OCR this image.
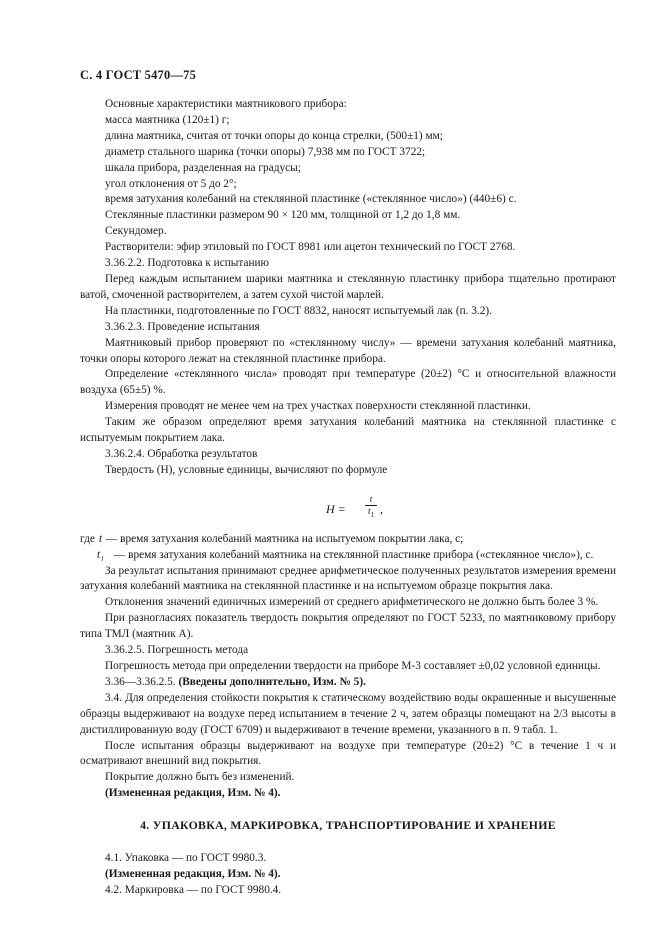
С. 4 ГОСТ 5470—75

Основные характеристики маятникового прибора:

масса маятника (120±1) г;

длина маятника, считая от точки опоры до конца стрелки, (500±1) мм;

диаметр стального шарика (точки опоры) 7,938 мм по ГОСТ 3722;

шкала прибора, разделенная на градусы;

угол отклонения от 5 до 2°;

время затухания колебаний на стеклянной пластинке («стеклянное число») (440±6) с.

Стеклянные пластинки размером 90 × 120 мм, толщиной от 1,2 до 1,8 мм.

Секундомер.

Растворители: эфир этиловый по ГОСТ 8981 или ацетон технический по ГОСТ 2768.

3.36.2.2. Подготовка к испытанию

Перед каждым испытанием шарики маятника и стеклянную пластинку прибора тщательно протирают ватой, смоченной растворителем, а затем сухой чистой марлей.

На пластинки, подготовленные по ГОСТ 8832, наносят испытуемый лак (п. 3.2).

3.36.2.3. Проведение испытания

Маятниковый прибор проверяют по «стеклянному числу» — времени затухания колебаний маятника, точки опоры которого лежат на стеклянной пластинке прибора.

Определение «стеклянного числа» проводят при температуре (20±2) °С и относительной влажности воздуха (65±5) %.

Измерения проводят не менее чем на трех участках поверхности стеклянной пластинки.

Таким же образом определяют время затухания колебаний маятника на стеклянной пластинке с испытуемым покрытием лака.

3.36.2.4. Обработка результатов

Твердость (Н), условные единицы, вычисляют по формуле

$Н = \frac{t}{t_1}$ ,
где t — время затухания колебаний маятника на испытуемом покрытии лака, с;
t₁ — время затухания колебаний маятника на стеклянной пластинке прибора («стеклянное число»), с.

За результат испытания принимают среднее арифметическое полученных результатов измерения времени затухания колебаний маятника на стеклянной пластинке и на испытуемом образце покрытия лака.

Отклонения значений единичных измерений от среднего арифметического не должно быть более 3 %.

При разногласиях показатель твердость покрытия определяют по ГОСТ 5233, по маятниковому прибору типа ТМЛ (маятник А).

3.36.2.5. Погрешность метода

Погрешность метода при определении твердости на приборе М-3 составляет ±0,02 условной единицы.

3.36—3.36.2.5. (Введены дополнительно, Изм. № 5).

3.4. Для определения стойкости покрытия к статическому воздействию воды окрашенные и высушенные образцы выдерживают на воздухе перед испытанием в течение 2 ч, затем образцы помещают на 2/3 высоты в дистиллированную воду (ГОСТ 6709) и выдерживают в течение времени, указанного в п. 9 табл. 1.

После испытания образцы выдерживают на воздухе при температуре (20±2) °С в течение 1 ч и осматривают внешний вид покрытия.

Покрытие должно быть без изменений.

(Измененная редакция, Изм. № 4).

4. УПАКОВКА, МАРКИРОВКА, ТРАНСПОРТИРОВАНИЕ И ХРАНЕНИЕ

4.1. Упаковка — по ГОСТ 9980.3.

(Измененная редакция, Изм. № 4).

4.2. Маркировка — по ГОСТ 9980.4.
